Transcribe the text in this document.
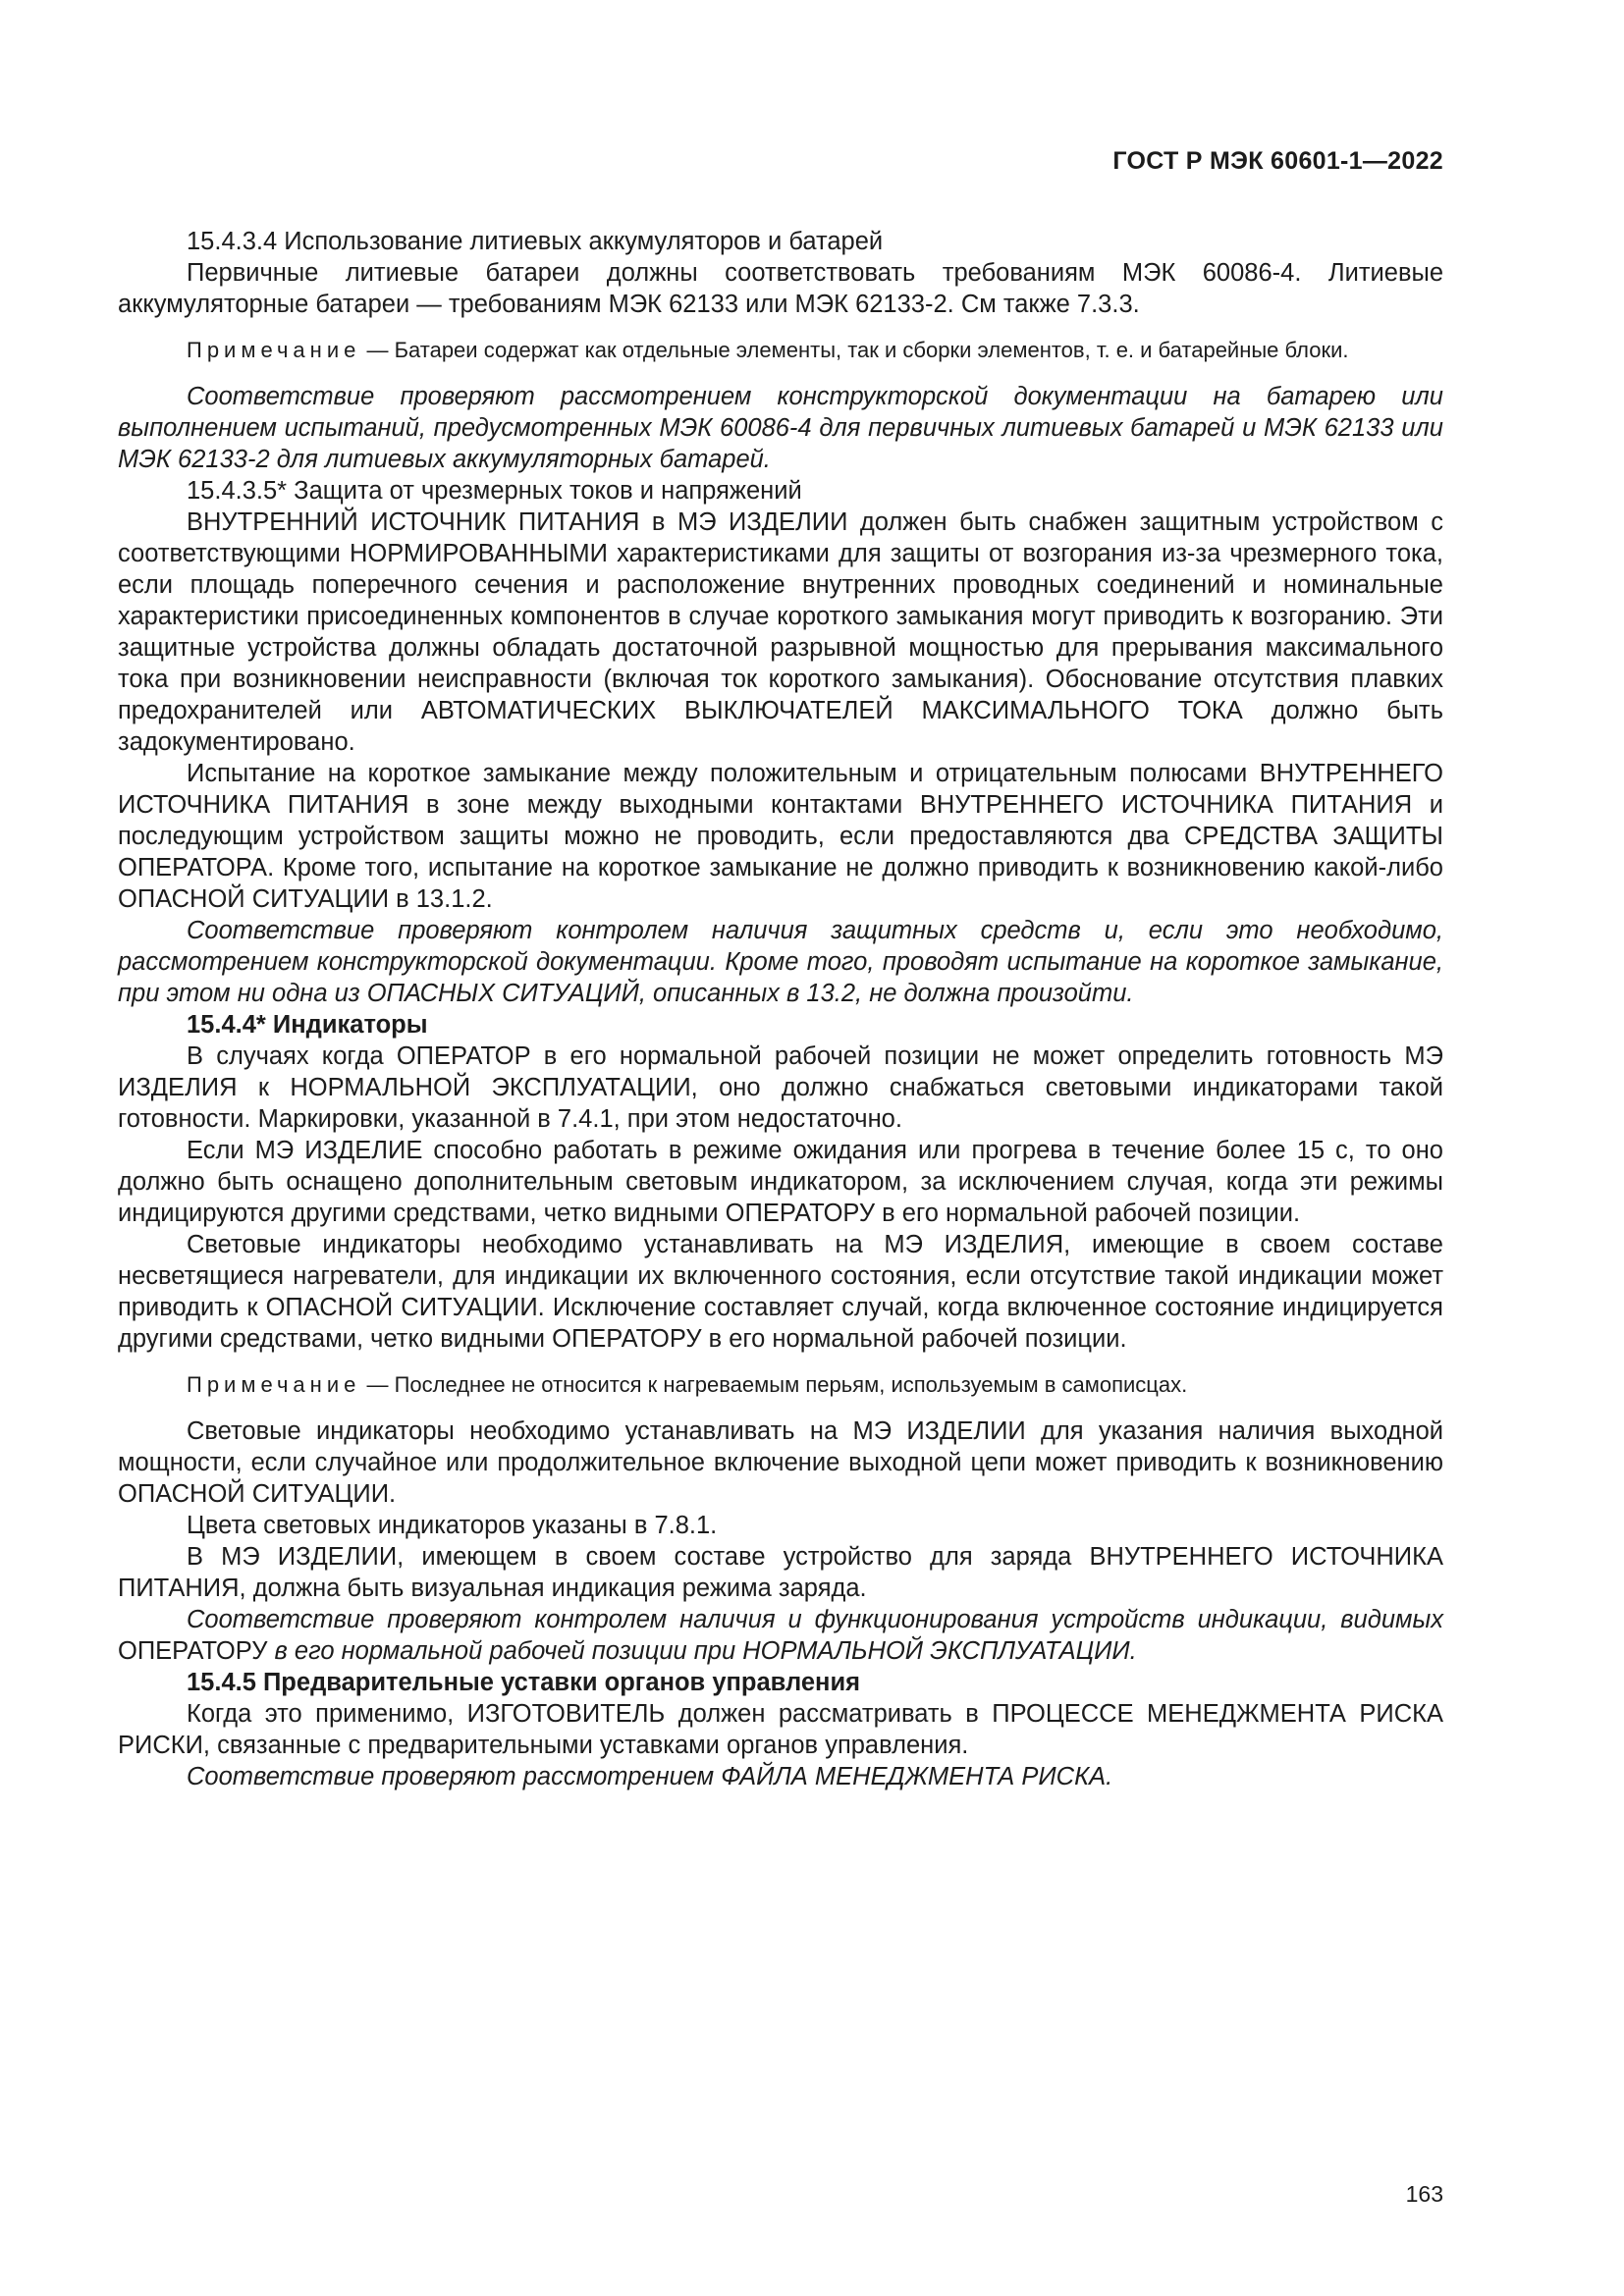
ГОСТ Р МЭК 60601-1—2022

15.4.3.4 Использование литиевых аккумуляторов и батарей

Первичные литиевые батареи должны соответствовать требованиям МЭК 60086-4. Литиевые аккумуляторные батареи — требованиям МЭК 62133 или МЭК 62133-2. См также 7.3.3.

Примечание — Батареи содержат как отдельные элементы, так и сборки элементов, т. е. и батарейные блоки.

Соответствие проверяют рассмотрением конструкторской документации на батарею или выполнением испытаний, предусмотренных МЭК 60086-4 для первичных литиевых батарей и МЭК 62133 или МЭК 62133-2 для литиевых аккумуляторных батарей.

15.4.3.5* Защита от чрезмерных токов и напряжений

ВНУТРЕННИЙ ИСТОЧНИК ПИТАНИЯ в МЭ ИЗДЕЛИИ должен быть снабжен защитным устройством с соответствующими НОРМИРОВАННЫМИ характеристиками для защиты от возгорания из-за чрезмерного тока, если площадь поперечного сечения и расположение внутренних проводных соединений и номинальные характеристики присоединенных компонентов в случае короткого замыкания могут приводить к возгоранию. Эти защитные устройства должны обладать достаточной разрывной мощностью для прерывания максимального тока при возникновении неисправности (включая ток короткого замыкания). Обоснование отсутствия плавких предохранителей или АВТОМАТИЧЕСКИХ ВЫКЛЮЧАТЕЛЕЙ МАКСИМАЛЬНОГО ТОКА должно быть задокументировано.

Испытание на короткое замыкание между положительным и отрицательным полюсами ВНУТРЕННЕГО ИСТОЧНИКА ПИТАНИЯ в зоне между выходными контактами ВНУТРЕННЕГО ИСТОЧНИКА ПИТАНИЯ и последующим устройством защиты можно не проводить, если предоставляются два СРЕДСТВА ЗАЩИТЫ ОПЕРАТОРА. Кроме того, испытание на короткое замыкание не должно приводить к возникновению какой-либо ОПАСНОЙ СИТУАЦИИ в 13.1.2.

Соответствие проверяют контролем наличия защитных средств и, если это необходимо, рассмотрением конструкторской документации. Кроме того, проводят испытание на короткое замыкание, при этом ни одна из ОПАСНЫХ СИТУАЦИЙ, описанных в 13.2, не должна произойти.

15.4.4* Индикаторы

В случаях когда ОПЕРАТОР в его нормальной рабочей позиции не может определить готовность МЭ ИЗДЕЛИЯ к НОРМАЛЬНОЙ ЭКСПЛУАТАЦИИ, оно должно снабжаться световыми индикаторами такой готовности. Маркировки, указанной в 7.4.1, при этом недостаточно.

Если МЭ ИЗДЕЛИЕ способно работать в режиме ожидания или прогрева в течение более 15 с, то оно должно быть оснащено дополнительным световым индикатором, за исключением случая, когда эти режимы индицируются другими средствами, четко видными ОПЕРАТОРУ в его нормальной рабочей позиции.

Световые индикаторы необходимо устанавливать на МЭ ИЗДЕЛИЯ, имеющие в своем составе несветящиеся нагреватели, для индикации их включенного состояния, если отсутствие такой индикации может приводить к ОПАСНОЙ СИТУАЦИИ. Исключение составляет случай, когда включенное состояние индицируется другими средствами, четко видными ОПЕРАТОРУ в его нормальной рабочей позиции.

Примечание — Последнее не относится к нагреваемым перьям, используемым в самописцах.

Световые индикаторы необходимо устанавливать на МЭ ИЗДЕЛИИ для указания наличия выходной мощности, если случайное или продолжительное включение выходной цепи может приводить к возникновению ОПАСНОЙ СИТУАЦИИ.

Цвета световых индикаторов указаны в 7.8.1.

В МЭ ИЗДЕЛИИ, имеющем в своем составе устройство для заряда ВНУТРЕННЕГО ИСТОЧНИКА ПИТАНИЯ, должна быть визуальная индикация режима заряда.

Соответствие проверяют контролем наличия и функционирования устройств индикации, видимых ОПЕРАТОРУ в его нормальной рабочей позиции при НОРМАЛЬНОЙ ЭКСПЛУАТАЦИИ.

15.4.5 Предварительные уставки органов управления

Когда это применимо, ИЗГОТОВИТЕЛЬ должен рассматривать в ПРОЦЕССЕ МЕНЕДЖМЕНТА РИСКА РИСКИ, связанные с предварительными уставками органов управления.

Соответствие проверяют рассмотрением ФАЙЛА МЕНЕДЖМЕНТА РИСКА.

163
